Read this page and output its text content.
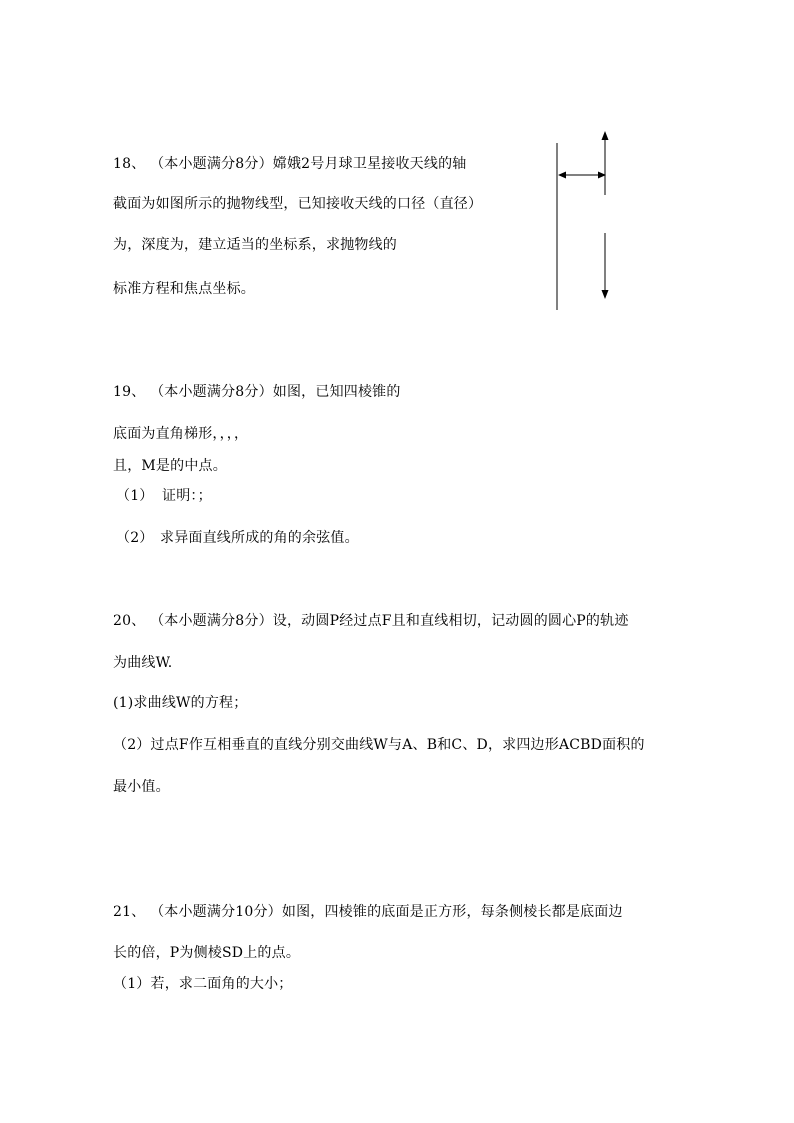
18、 （本小题满分8分）嫦娥2号月球卫星接收天线的轴
截面为如图所示的抛物线型，已知接收天线的口径（直径）
为，深度为，建立适当的坐标系，求抛物线的
标准方程和焦点坐标。
19、 （本小题满分8分）如图，已知四棱锥的
底面为直角梯形，，，，
且，M是的中点。
（1） 证明：；
（2） 求异面直线所成的角的余弦值。
20、 （本小题满分8分）设，动圆P经过点F且和直线相切，记动圆的圆心P的轨迹
为曲线W.
(1)求曲线W的方程；
（2）过点F作互相垂直的直线分别交曲线W与A、B和C、D，求四边形ACBD面积的
最小值。
21、 （本小题满分10分）如图，四棱锥的底面是正方形，每条侧棱长都是底面边
长的倍，P为侧棱SD上的点。
（1）若，求二面角的大小；
